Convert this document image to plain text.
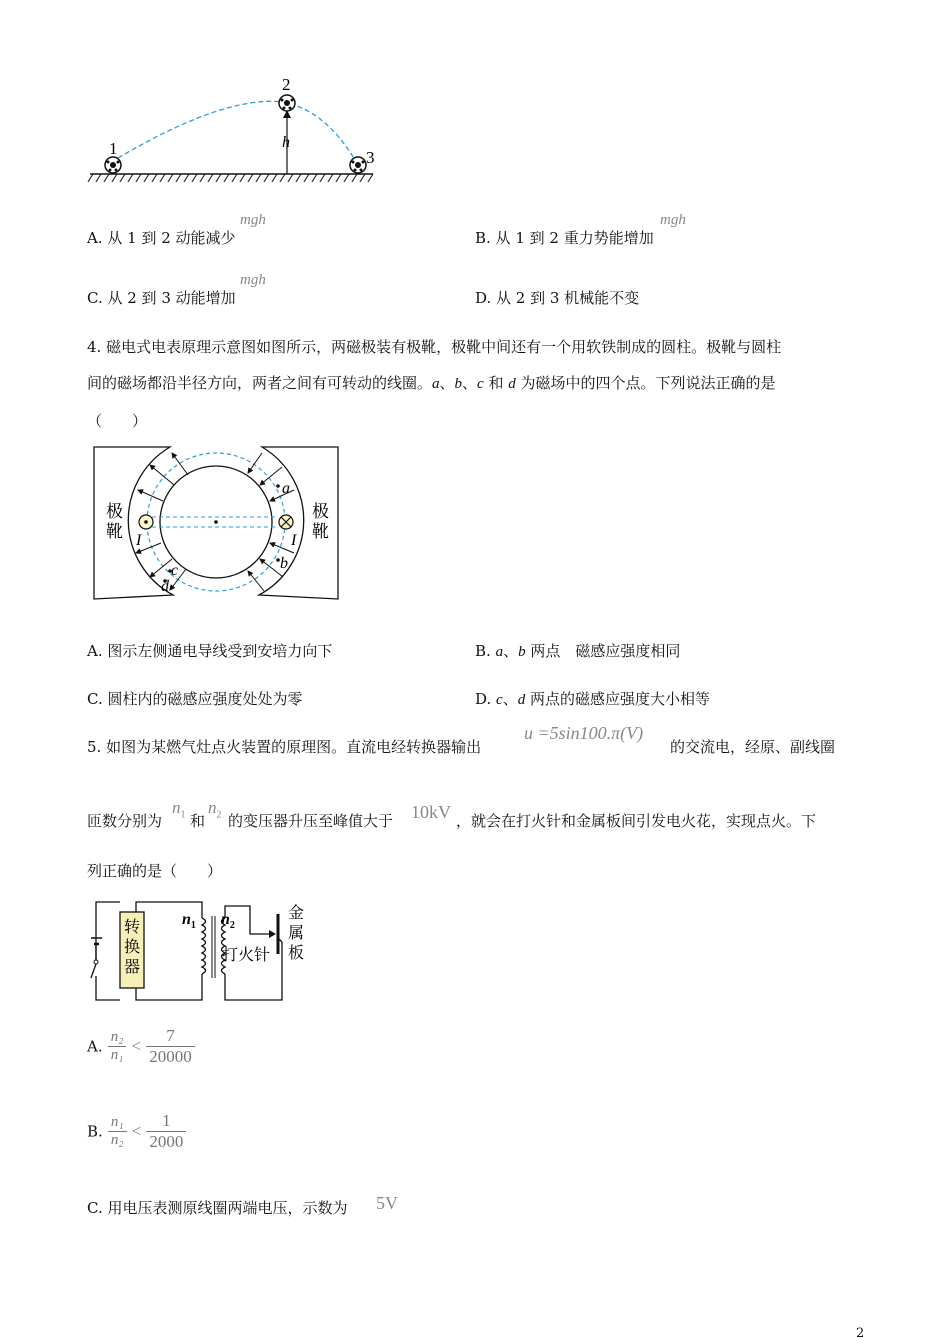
1
2
3
h
A. 从 1 到 2 动能减少
mgh
B. 从 1 到 2 重力势能增加
mgh
C. 从 2 到 3 动能增加
mgh
D. 从 2 到 3 机械能不变
4. 磁电式电表原理示意图如图所示，两磁极装有极靴，极靴中间还有一个用软铁制成的圆柱。极靴与圆柱
间的磁场都沿半径方向，两者之间有可转动的线圈。a、b、c 和 d 为磁场中的四个点。下列说法正确的是
（　　）
极
靴
极
靴
I	I
a
b
c
d
A. 图示左侧通电导线受到安培力向下	B. a、b 两点　磁感应强度相同
C. 圆柱内的磁感应强度处处为零	D. c、d 两点的磁感应强度大小相等
5. 如图为某燃气灶点火装置的原理图。直流电经转换器输出
u =5sin100.π(V)
的交流电，经原、副线圈
匝数分别为
$n_1$ 和
$n_2$ 的变压器升压至峰值大于 10kV ，就会在打火针和金属板间引发电火花，实现点火。下
列正确的是（　　）
转
换
器
$n_1$ $n_2$
打火针
金
属
板
A. $\frac{\text{n₂}}{\text{n₁}} < \frac{7}{20000}$
B. $\frac{\text{n₁}}{\text{n₂}} < \frac{1}{2000}$
C. 用电压表测原线圈两端电压，示数为 5V
2
